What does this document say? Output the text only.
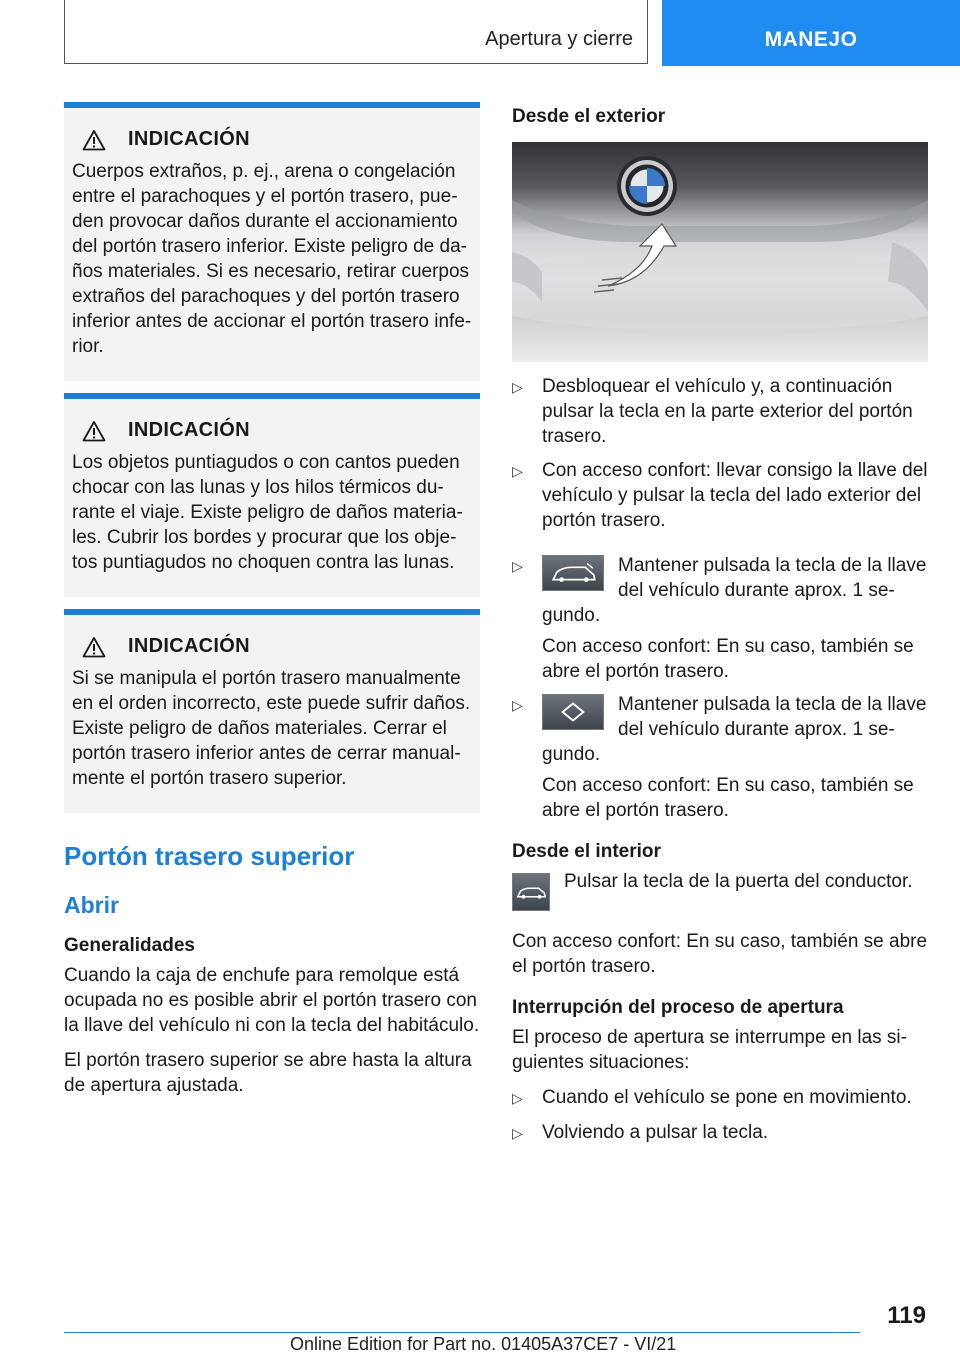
Apertura y cierre	MANEJO
INDICACIÓN

Cuerpos extraños, p. ej., arena o congelación entre el parachoques y el portón trasero, pueden provocar daños durante el accionamiento del portón trasero inferior. Existe peligro de daños materiales. Si es necesario, retirar cuerpos extraños del parachoques y del portón trasero inferior antes de accionar el portón trasero inferior.

INDICACIÓN

Los objetos puntiagudos o con cantos pueden chocar con las lunas y los hilos térmicos durante el viaje. Existe peligro de daños materiales. Cubrir los bordes y procurar que los objetos puntiagudos no choquen contra las lunas.

INDICACIÓN

Si se manipula el portón trasero manualmente en el orden incorrecto, este puede sufrir daños. Existe peligro de daños materiales. Cerrar el portón trasero inferior antes de cerrar manualmente el portón trasero superior.

Portón trasero superior
Abrir
Generalidades

Cuando la caja de enchufe para remolque está ocupada no es posible abrir el portón trasero con la llave del vehículo ni con la tecla del habitáculo.

El portón trasero superior se abre hasta la altura de apertura ajustada.

Desde el exterior
▷	Desbloquear el vehículo y, a continuación pulsar la tecla en la parte exterior del portón trasero.
▷	Con acceso confort: llevar consigo la llave del vehículo y pulsar la tecla del lado exterior del portón trasero.
▷	Mantener pulsada la tecla de la llave del vehículo durante aprox. 1 segundo.

Con acceso confort: En su caso, también se abre el portón trasero.

▷	Mantener pulsada la tecla de la llave del vehículo durante aprox. 1 segundo.

Con acceso confort: En su caso, también se abre el portón trasero.

Desde el interior
Pulsar la tecla de la puerta del conductor.

Con acceso confort: En su caso, también se abre el portón trasero.

Interrupción del proceso de apertura

El proceso de apertura se interrumpe en las siguientes situaciones:

▷	Cuando el vehículo se pone en movimiento.
▷	Volviendo a pulsar la tecla.
119
Online Edition for Part no. 01405A37CE7 - VI/21
